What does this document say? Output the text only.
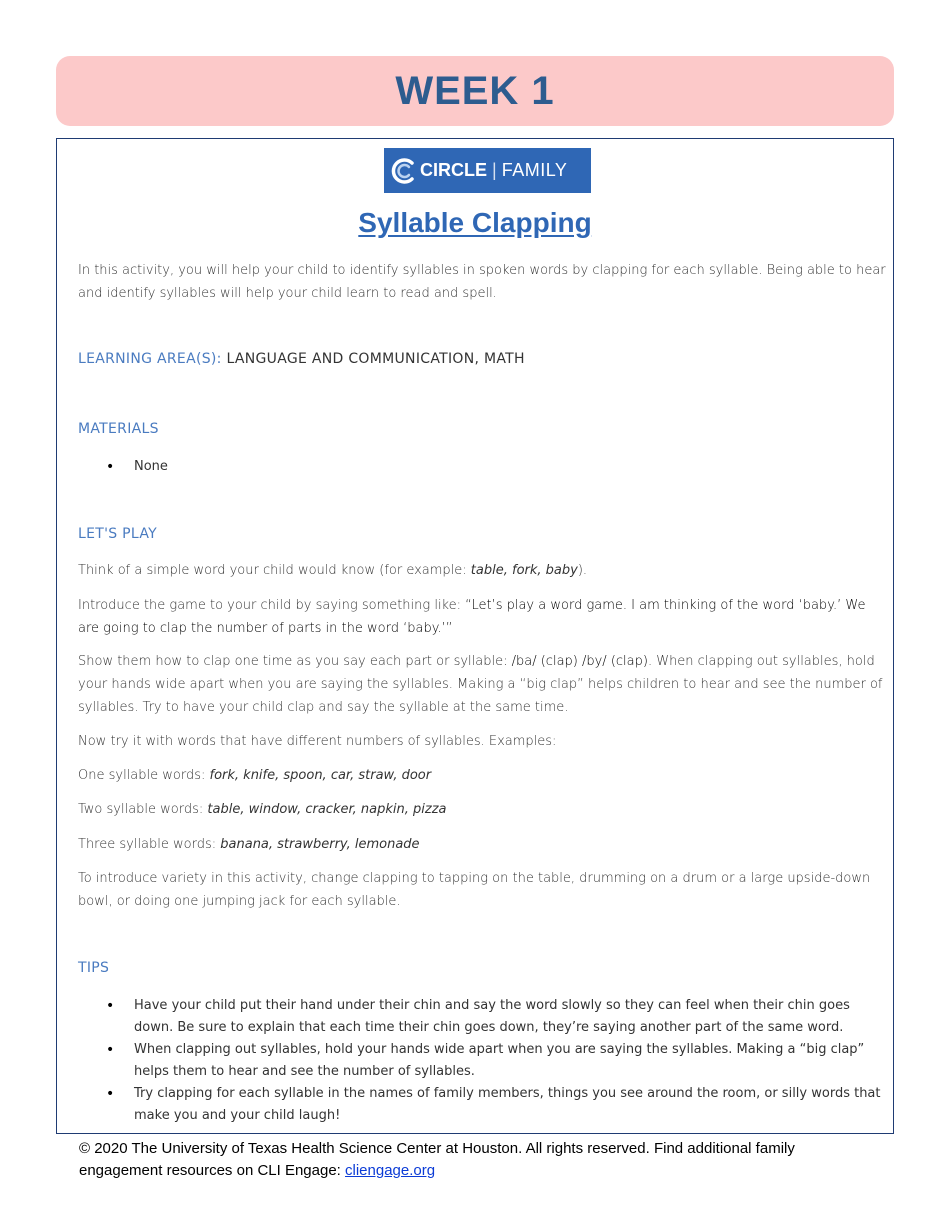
WEEK 1
CIRCLE | FAMILY
Syllable Clapping

In this activity, you will help your child to identify syllables in spoken words by clapping for each syllable. Being able to hear and identify syllables will help your child learn to read and spell.

LEARNING AREA(S): LANGUAGE AND COMMUNICATION, MATH

MATERIALS

• None

LET'S PLAY

Think of a simple word your child would know (for example: table, fork, baby).

Introduce the game to your child by saying something like: “Let’s play a word game. I am thinking of the word ‘baby.’ We are going to clap the number of parts in the word ‘baby.’”

Show them how to clap one time as you say each part or syllable: /ba/ (clap) /by/ (clap). When clapping out syllables, hold your hands wide apart when you are saying the syllables. Making a “big clap” helps children to hear and see the number of syllables. Try to have your child clap and say the syllable at the same time.

Now try it with words that have different numbers of syllables. Examples:

One syllable words: fork, knife, spoon, car, straw, door

Two syllable words: table, window, cracker, napkin, pizza

Three syllable words: banana, strawberry, lemonade

To introduce variety in this activity, change clapping to tapping on the table, drumming on a drum or a large upside-down bowl, or doing one jumping jack for each syllable.

TIPS

• Have your child put their hand under their chin and say the word slowly so they can feel when their chin goes down. Be sure to explain that each time their chin goes down, they’re saying another part of the same word.
• When clapping out syllables, hold your hands wide apart when you are saying the syllables. Making a “big clap” helps them to hear and see the number of syllables.
• Try clapping for each syllable in the names of family members, things you see around the room, or silly words that make you and your child laugh!
© 2020 The University of Texas Health Science Center at Houston. All rights reserved. Find additional family engagement resources on CLI Engage: cliengage.org
